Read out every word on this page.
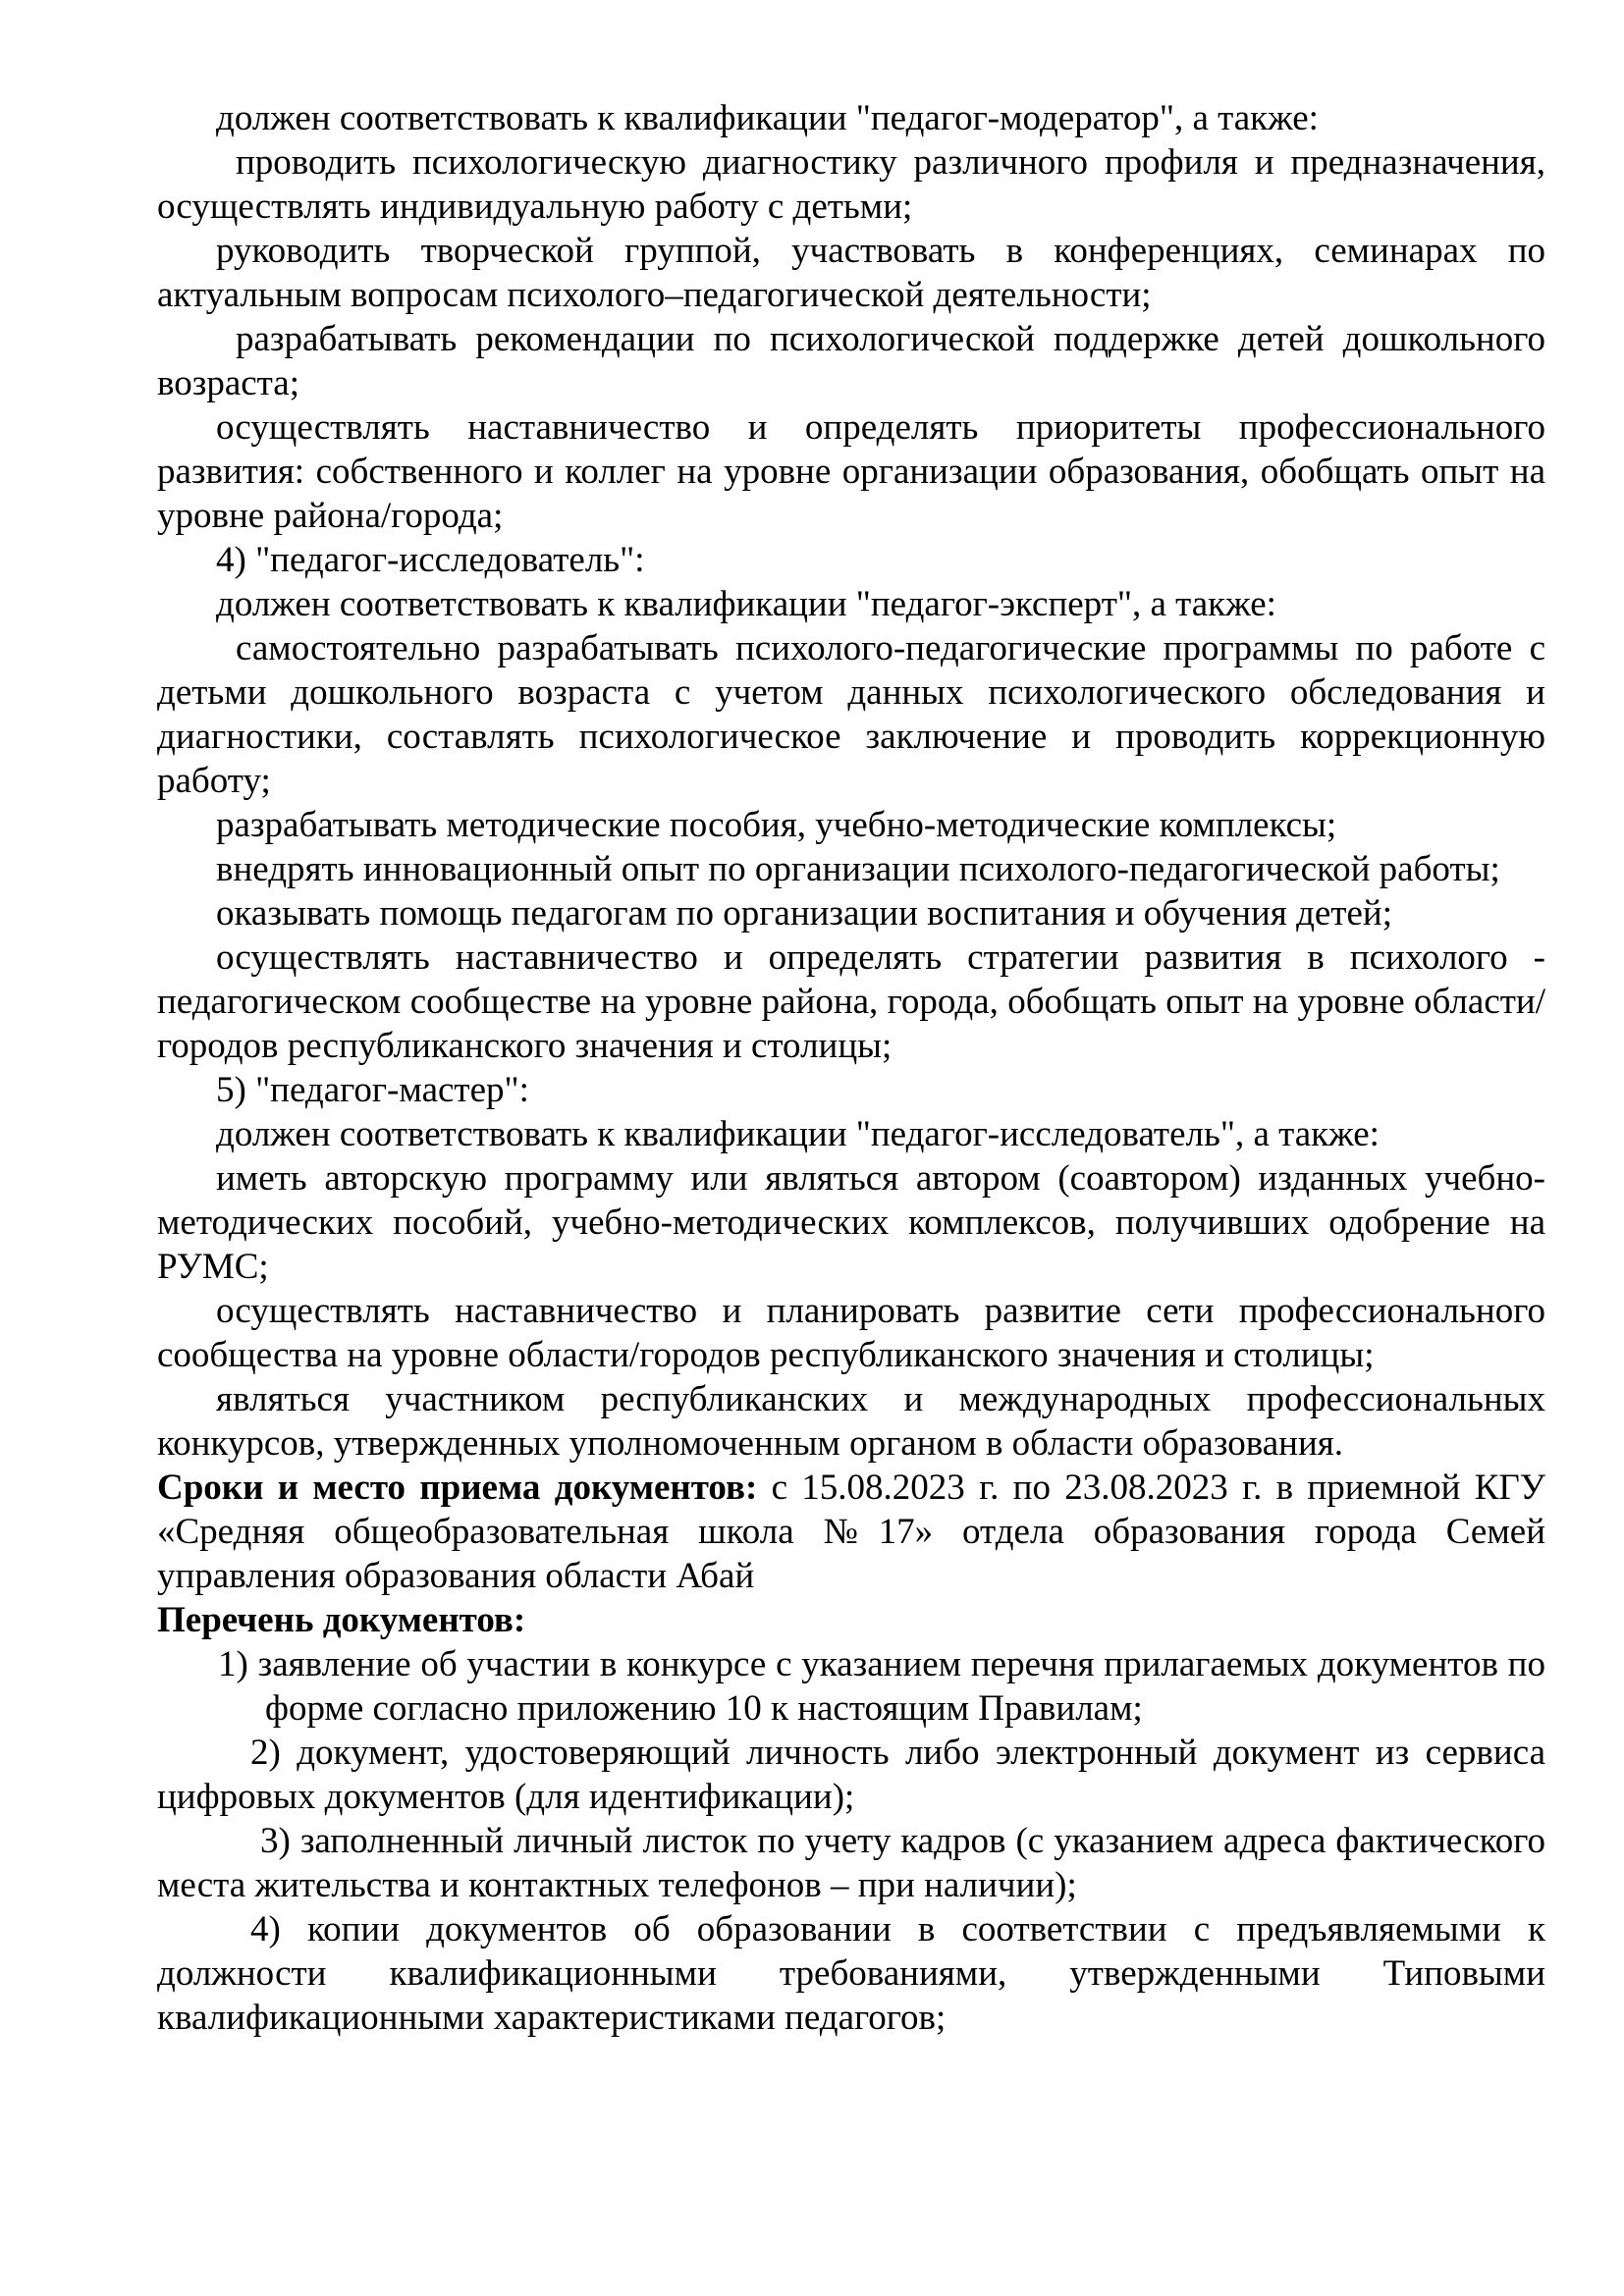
должен соответствовать к квалификации "педагог-модератор", а также:

проводить психологическую диагностику различного профиля и предназначения, осуществлять индивидуальную работу с детьми;

руководить творческой группой, участвовать в конференциях, семинарах по актуальным вопросам психолого–педагогической деятельности;

разрабатывать рекомендации по психологической поддержке детей дошкольного возраста;

осуществлять наставничество и определять приоритеты профессионального развития: собственного и коллег на уровне организации образования, обобщать опыт на уровне района/города;

4) "педагог-исследователь":

должен соответствовать к квалификации "педагог-эксперт", а также:

самостоятельно разрабатывать психолого-педагогические программы по работе с детьми дошкольного возраста с учетом данных психологического обследования и диагностики, составлять психологическое заключение и проводить коррекционную работу;

разрабатывать методические пособия, учебно-методические комплексы;

внедрять инновационный опыт по организации психолого-педагогической работы;

оказывать помощь педагогам по организации воспитания и обучения детей;

осуществлять наставничество и определять стратегии развития в психолого - педагогическом сообществе на уровне района, города, обобщать опыт на уровне области/городов республиканского значения и столицы;

5) "педагог-мастер":

должен соответствовать к квалификации "педагог-исследователь", а также:

иметь авторскую программу или являться автором (соавтором) изданных учебно-методических пособий, учебно-методических комплексов, получивших одобрение на РУМС;

осуществлять наставничество и планировать развитие сети профессионального сообщества на уровне области/городов республиканского значения и столицы;

являться участником республиканских и международных профессиональных конкурсов, утвержденных уполномоченным органом в области образования.

Сроки и место приема документов: с 15.08.2023 г. по 23.08.2023 г. в приемной КГУ «Средняя общеобразовательная школа №17» отдела образования города Семей управления образования области Абай

Перечень документов:

1) заявление об участии в конкурсе с указанием перечня прилагаемых документов по форме согласно приложению 10 к настоящим Правилам;

2) документ, удостоверяющий личность либо электронный документ из сервиса цифровых документов (для идентификации);

3) заполненный личный листок по учету кадров (с указанием адреса фактического места жительства и контактных телефонов – при наличии);

4) копии документов об образовании в соответствии с предъявляемыми к должности квалификационными требованиями, утвержденными Типовыми квалификационными характеристиками педагогов;
